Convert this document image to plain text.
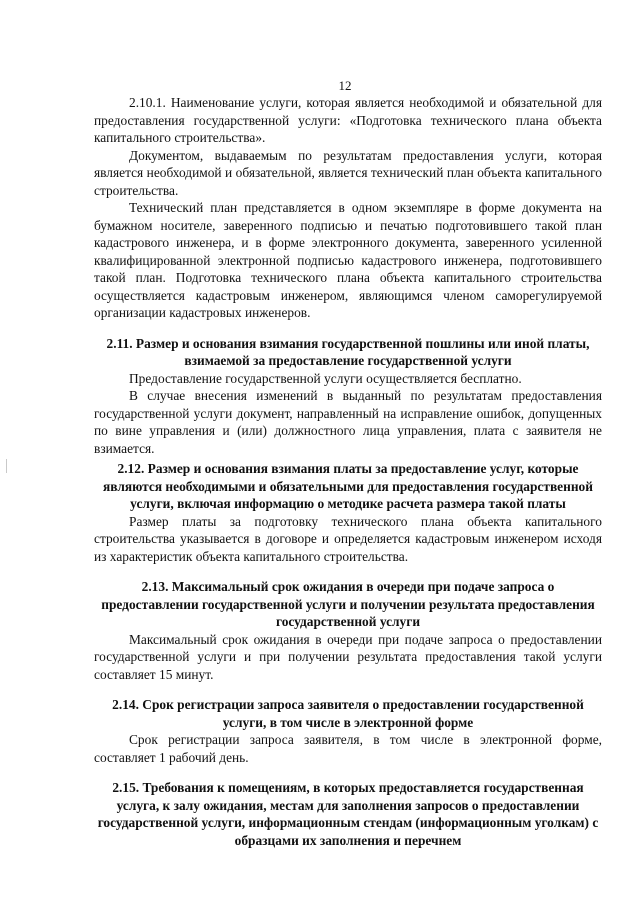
12

2.10.1. Наименование услуги, которая является необходимой и обязательной для предоставления государственной услуги: «Подготовка технического плана объекта капитального строительства».

Документом, выдаваемым по результатам предоставления услуги, которая является необходимой и обязательной, является технический план объекта капитального строительства.

Технический план представляется в одном экземпляре в форме документа на бумажном носителе, заверенного подписью и печатью подготовившего такой план кадастрового инженера, и в форме электронного документа, заверенного усиленной квалифицированной электронной подписью кадастрового инженера, подготовившего такой план. Подготовка технического плана объекта капитального строительства осуществляется кадастровым инженером, являющимся членом саморегулируемой организации кадастровых инженеров.

2.11. Размер и основания взимания государственной пошлины или иной платы, взимаемой за предоставление государственной услуги

Предоставление государственной услуги осуществляется бесплатно.

В случае внесения изменений в выданный по результатам предоставления государственной услуги документ, направленный на исправление ошибок, допущенных по вине управления и (или) должностного лица управления, плата с заявителя не взимается.

2.12. Размер и основания взимания платы за предоставление услуг, которые являются необходимыми и обязательными для предоставления государственной услуги, включая информацию о методике расчета размера такой платы

Размер платы за подготовку технического плана объекта капитального строительства указывается в договоре и определяется кадастровым инженером исходя из характеристик объекта капитального строительства.

2.13. Максимальный срок ожидания в очереди при подаче запроса о предоставлении государственной услуги и получении результата предоставления государственной услуги

Максимальный срок ожидания в очереди при подаче запроса о предоставлении государственной услуги и при получении результата предоставления такой услуги составляет 15 минут.

2.14. Срок регистрации запроса заявителя о предоставлении государственной услуги, в том числе в электронной форме

Срок регистрации запроса заявителя, в том числе в электронной форме, составляет 1 рабочий день.

2.15. Требования к помещениям, в которых предоставляется государственная услуга, к залу ожидания, местам для заполнения запросов о предоставлении государственной услуги, информационным стендам (информационным уголкам) с образцами их заполнения и перечнем
